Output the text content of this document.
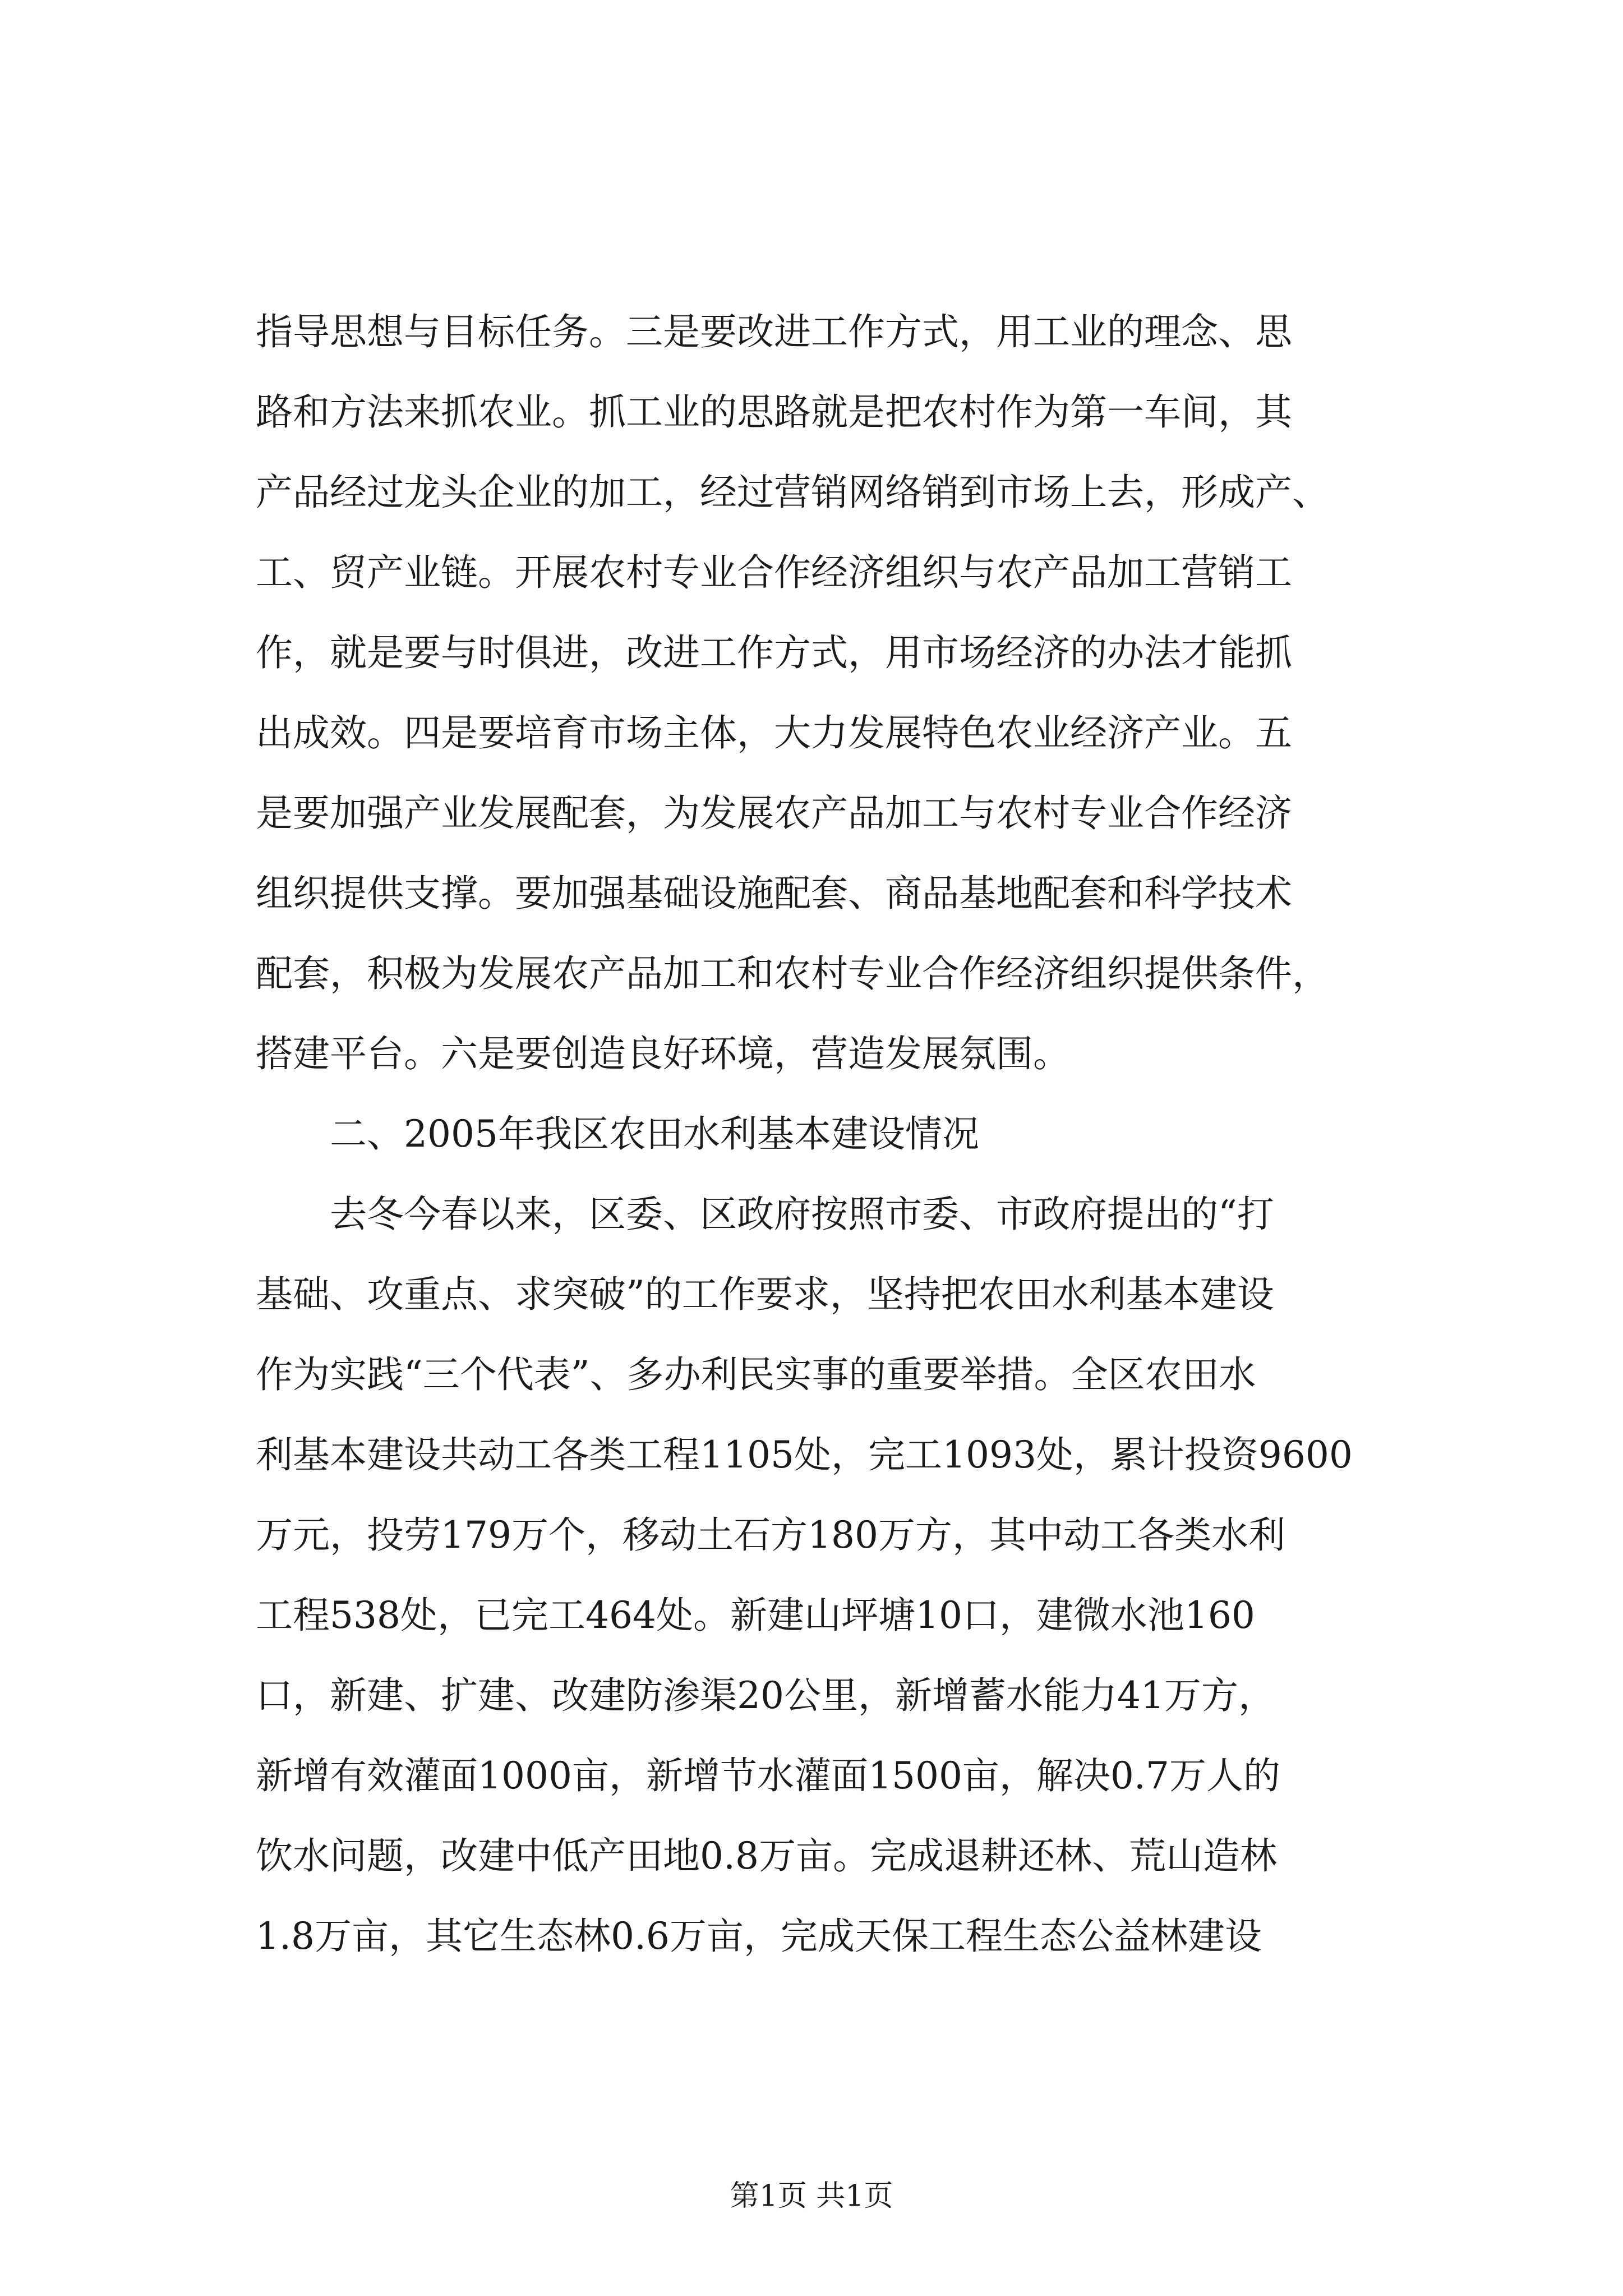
指导思想与目标任务。三是要改进工作方式，用工业的理念、思
路和方法来抓农业。抓工业的思路就是把农村作为第一车间，其
产品经过龙头企业的加工，经过营销网络销到市场上去，形成产、
工、贸产业链。开展农村专业合作经济组织与农产品加工营销工
作，就是要与时俱进，改进工作方式，用市场经济的办法才能抓
出成效。四是要培育市场主体，大力发展特色农业经济产业。五
是要加强产业发展配套，为发展农产品加工与农村专业合作经济
组织提供支撑。要加强基础设施配套、商品基地配套和科学技术
配套，积极为发展农产品加工和农村专业合作经济组织提供条件，
搭建平台。六是要创造良好环境，营造发展氛围。
二、2005年我区农田水利基本建设情况
去冬今春以来，区委、区政府按照市委、市政府提出的“打
基础、攻重点、求突破”的工作要求，坚持把农田水利基本建设
作为实践“三个代表”、多办利民实事的重要举措。全区农田水
利基本建设共动工各类工程1105处，完工1093处，累计投资9600
万元，投劳179万个，移动土石方180万方，其中动工各类水利
工程538处，已完工464处。新建山坪塘10口，建微水池160
口，新建、扩建、改建防渗渠20公里，新增蓄水能力41万方，
新增有效灌面1000亩，新增节水灌面1500亩，解决0.7万人的
饮水问题，改建中低产田地0.8万亩。完成退耕还林、荒山造林
1.8万亩，其它生态林0.6万亩，完成天保工程生态公益林建设
第1页 共1页
